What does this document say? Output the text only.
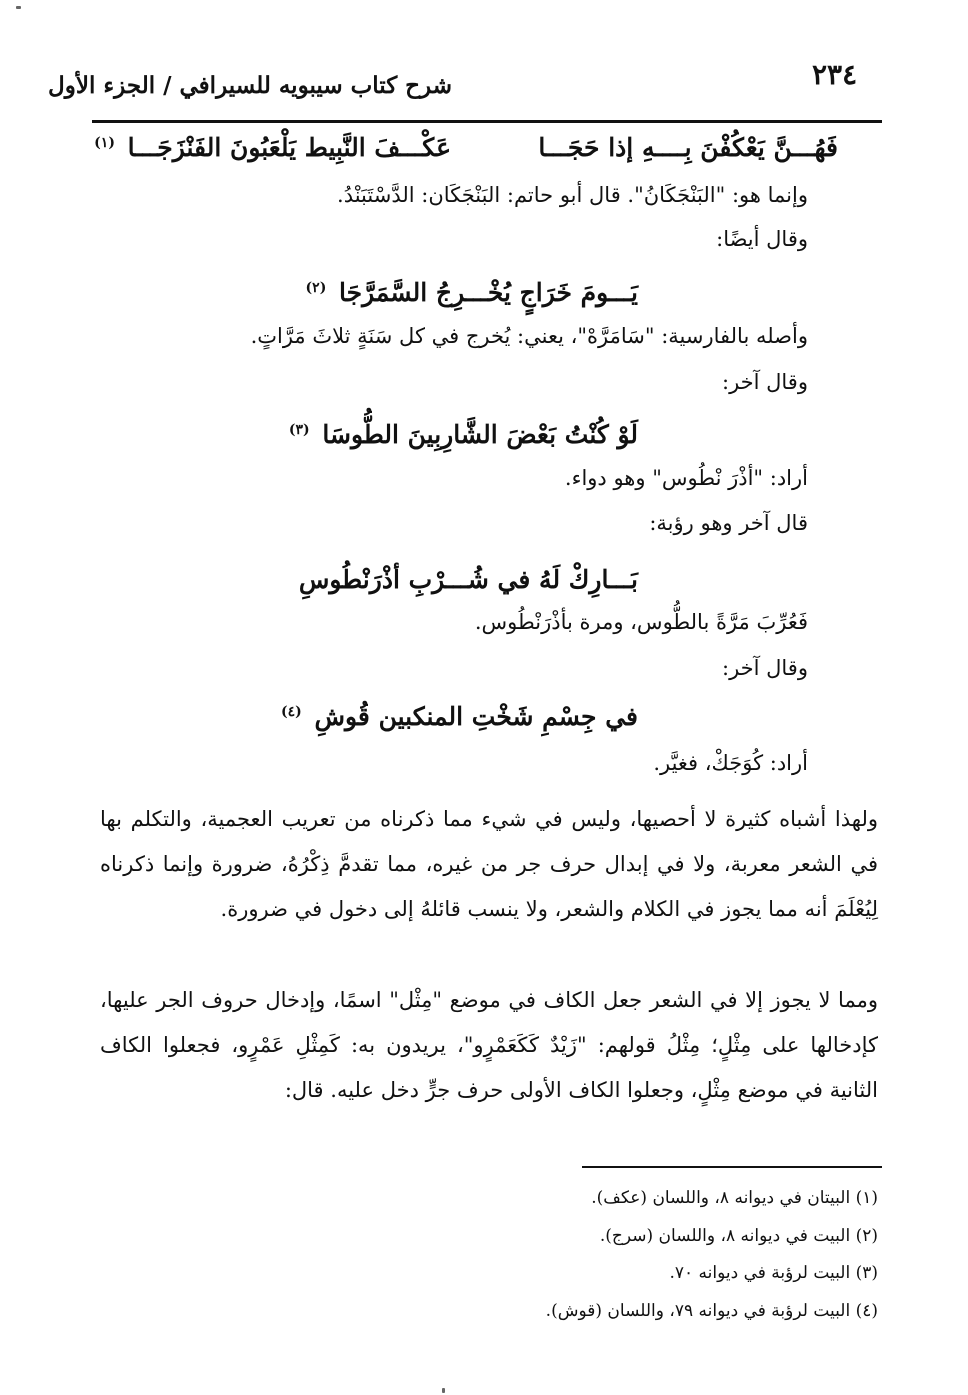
٢٣٤
شرح كتاب سيبويه للسيرافي / الجزء الأول
فَهُـــنَّ يَعْكُفْنَ بِــــهِ إذا حَجَـــا
عَكْـــفَ النَّبِيط يَلْعَبُونَ الفَنْزَجَـــا $^{(١)}$
وإنما هو: "البَنْجَكَانُ". قال أبو حاتم: البَنْجَكَان: الدَّسْتَبَنْدُ.
وقال أيضًا:
يَـــومَ خَرَاجٍ يُخْـــرِجُ السَّمَرَّجَا $^{(٢)}$
وأصله بالفارسية: "سَامَرَّهْ"، يعني: يُخرج في كل سَنَةٍ ثلاثَ مَرَّاتٍ.
وقال آخر:
لَوْ كُنْتُ بَعْضَ الشَّارِبِينَ الطُّوسَا $^{(٣)}$
أراد: "أذْرَ نْطُوس" وهو دواء.
قال آخر وهو رؤبة:
بَـــارِكْ لَهُ في شُـــرْبِ أذْرَنْطُوسِ
فَعُرِّبَ مَرَّةً بالطُّوس، ومرة بأذْرَنْطُوس.
وقال آخر:
في جِسْمِ شَخْتِ المنكبين قُوشِ $^{(٤)}$
أراد: كُوَجَكْ، فغيَّر.
ولهذا أشباه كثيرة لا أحصيها، وليس في شيء مما ذكرناه من تعريب العجمية، والتكلم بها في الشعر معربة، ولا في إبدال حرف جر من غيره، مما تقدمَّ ذِكْرُهُ، ضرورة وإنما ذكرناه لِيُعْلَمَ أنه مما يجوز في الكلام والشعر، ولا ينسب قائلهُ إلى دخول في ضرورة.
ومما لا يجوز إلا في الشعر جعل الكاف في موضع "مِثْل" اسمًا، وإدخال حروف الجر عليها، كإدخالها على مِثْلٍ؛ مِثْلُ قولهم: "زَيْدٌ كَكَعَمْرٍو"، يريدون به: كَمِثْلِ عَمْرٍو، فجعلوا الكاف الثانية في موضع مِثْلٍ، وجعلوا الكاف الأولى حرف جرٍّ دخل عليه. قال:
(١) البيتان في ديوانه ٨، واللسان (عكف).
(٢) البيت في ديوانه ٨، واللسان (سرج).
(٣) البيت لرؤبة في ديوانه ٧٠.
(٤) البيت لرؤبة في ديوانه ٧٩، واللسان (قوش).
